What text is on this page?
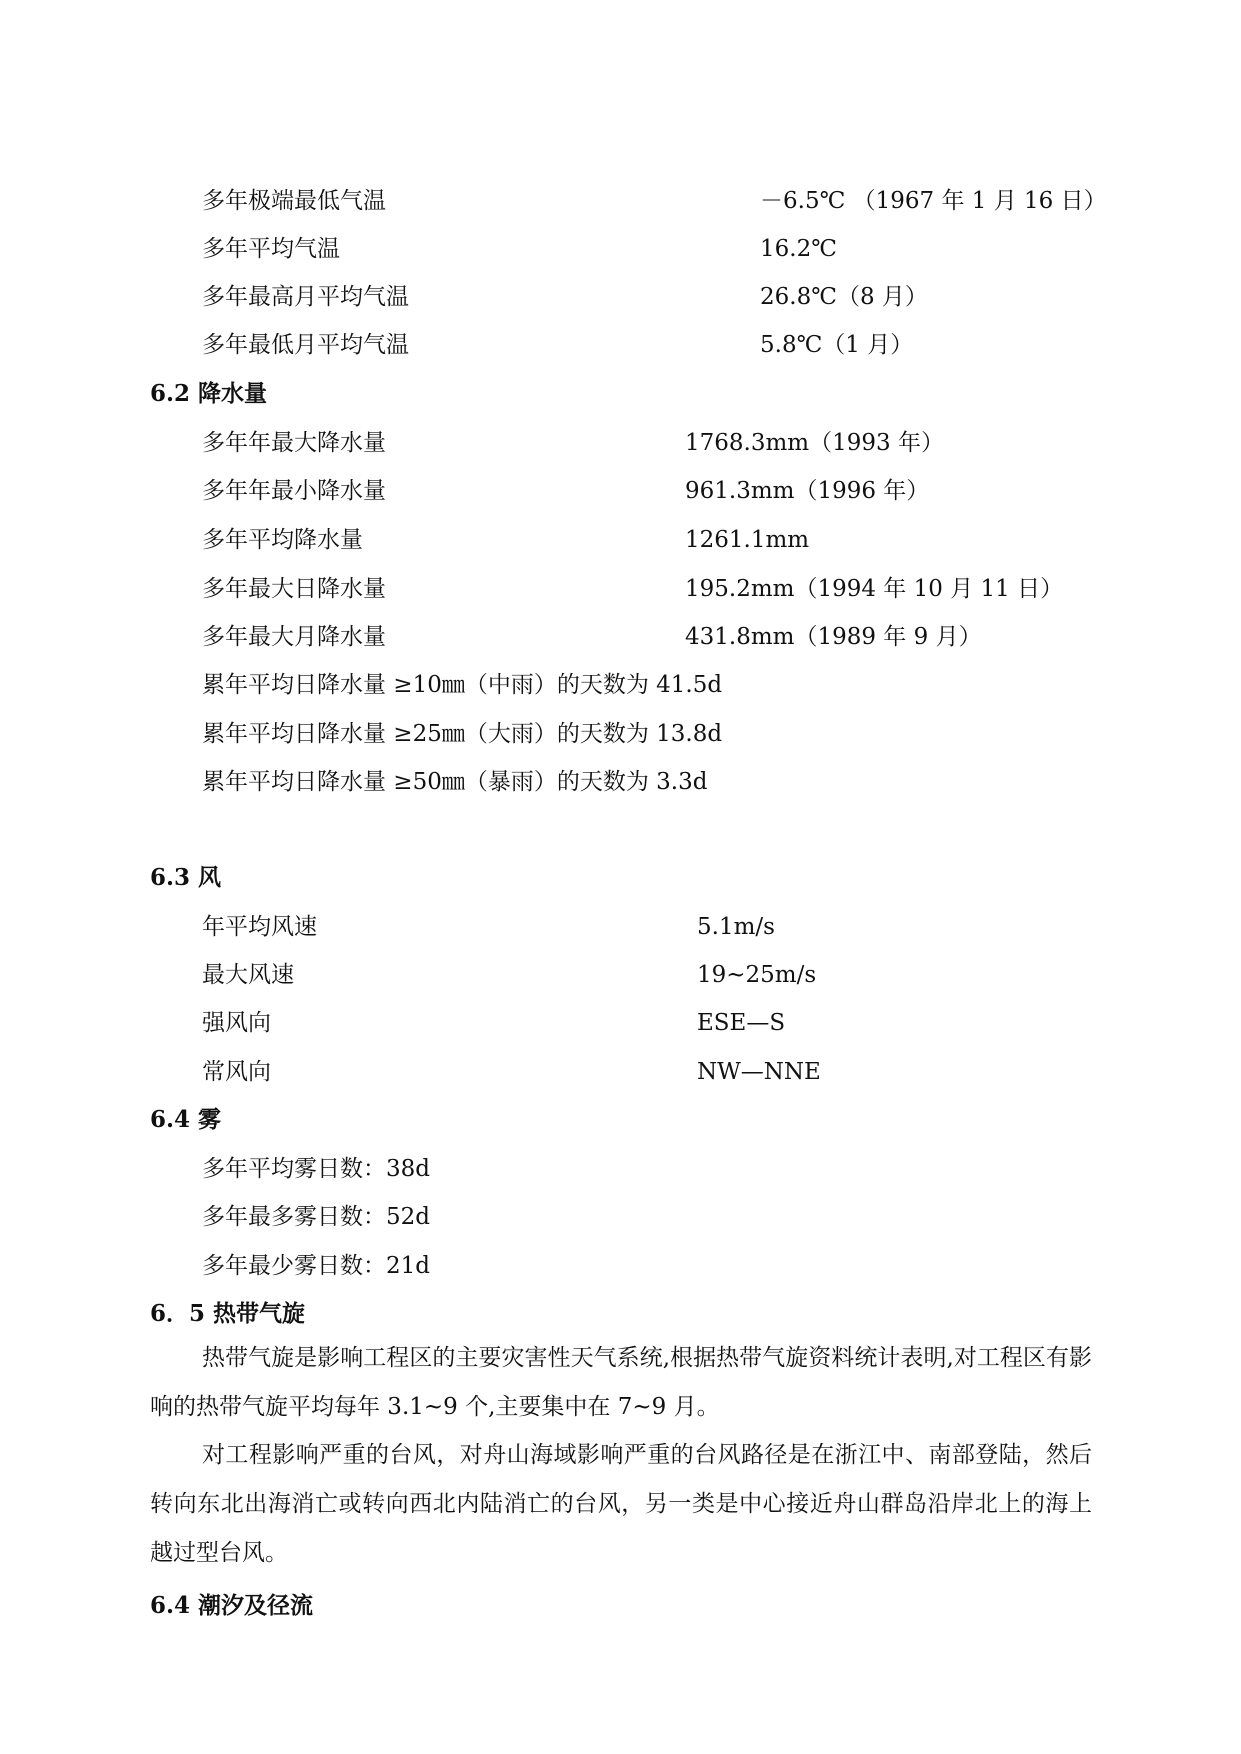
多年极端最低气温	－6.5℃ （1967 年 1 月 16 日）
多年平均气温	16.2℃
多年最高月平均气温	26.8℃（8 月）
多年最低月平均气温	5.8℃（1 月）
6.2 降水量
多年年最大降水量	1768.3mm（1993 年）
多年年最小降水量	961.3mm（1996 年）
多年平均降水量	1261.1mm
多年最大日降水量	195.2mm（1994 年 10 月 11 日）
多年最大月降水量	431.8mm（1989 年 9 月）
累年平均日降水量 ≥10㎜（中雨）的天数为 41.5d
累年平均日降水量 ≥25㎜（大雨）的天数为 13.8d
累年平均日降水量 ≥50㎜（暴雨）的天数为 3.3d
6.3 风
年平均风速	5.1m/s
最大风速	19~25m/s
强风向	ESE—S
常风向	NW—NNE
6.4 雾
多年平均雾日数：38d
多年最多雾日数：52d
多年最少雾日数：21d
6．5 热带气旋
热带气旋是影响工程区的主要灾害性天气系统,根据热带气旋资料统计表明,对工程区有影响的热带气旋平均每年 3.1~9 个,主要集中在 7~9 月。
对工程影响严重的台风，对舟山海域影响严重的台风路径是在浙江中、南部登陆，然后转向东北出海消亡或转向西北内陆消亡的台风，另一类是中心接近舟山群岛沿岸北上的海上越过型台风。
6.4 潮汐及径流
